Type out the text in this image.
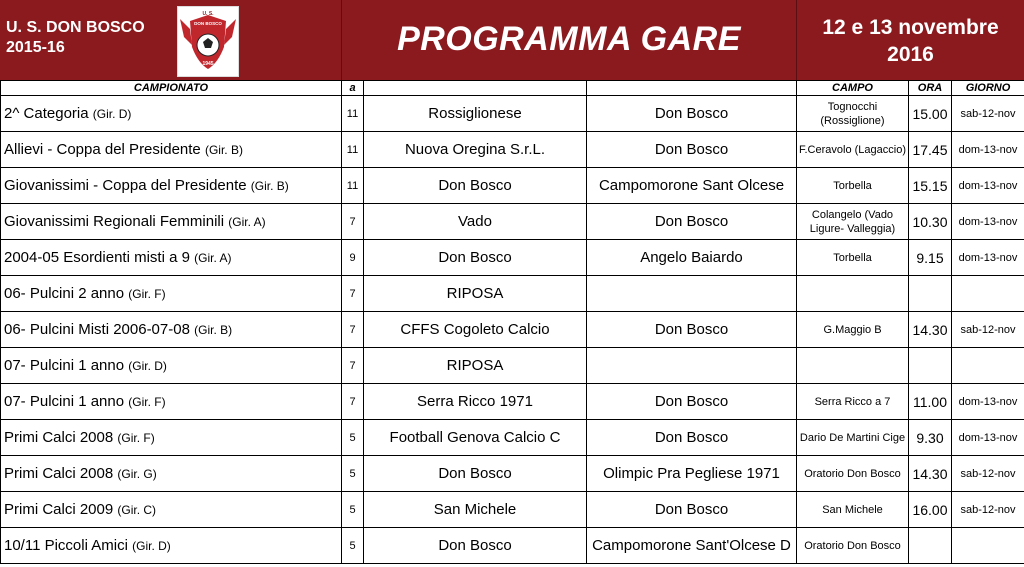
U. S. DON BOSCO
2015-16
U. S.
DON BOSCO
1945
PROGRAMMA GARE	12 e 13 novembre
2016
CAMPIONATO	a			CAMPO	ORA	GIORNO
2^ Categoria (Gir. D)	11	Rossiglionese	Don Bosco	Tognocchi (Rossiglione)	15.00	sab-12-nov
Allievi - Coppa del Presidente (Gir. B)	11	Nuova Oregina S.r.L.	Don Bosco	F.Ceravolo (Lagaccio)	17.45	dom-13-nov
Giovanissimi - Coppa del Presidente (Gir. B)	11	Don Bosco	Campomorone Sant Olcese	Torbella	15.15	dom-13-nov
Giovanissimi Regionali Femminili (Gir. A)	7	Vado	Don Bosco	Colangelo (Vado Ligure- Valleggia)	10.30	dom-13-nov
2004-05 Esordienti misti a 9 (Gir. A)	9	Don Bosco	Angelo Baiardo	Torbella	9.15	dom-13-nov
06- Pulcini 2 anno (Gir. F)	7	RIPOSA				
06- Pulcini Misti 2006-07-08 (Gir. B)	7	CFFS Cogoleto Calcio	Don Bosco	G.Maggio B	14.30	sab-12-nov
07- Pulcini 1 anno (Gir. D)	7	RIPOSA				
07- Pulcini 1 anno (Gir. F)	7	Serra Ricco 1971	Don Bosco	Serra Ricco a 7	11.00	dom-13-nov
Primi Calci 2008 (Gir. F)	5	Football Genova Calcio C	Don Bosco	Dario De Martini Cige	9.30	dom-13-nov
Primi Calci 2008 (Gir. G)	5	Don Bosco	Olimpic Pra Pegliese 1971	Oratorio Don Bosco	14.30	sab-12-nov
Primi Calci 2009 (Gir. C)	5	San Michele	Don Bosco	San Michele	16.00	sab-12-nov
10/11 Piccoli Amici (Gir. D)	5	Don Bosco	Campomorone Sant'Olcese D	Oratorio Don Bosco		
